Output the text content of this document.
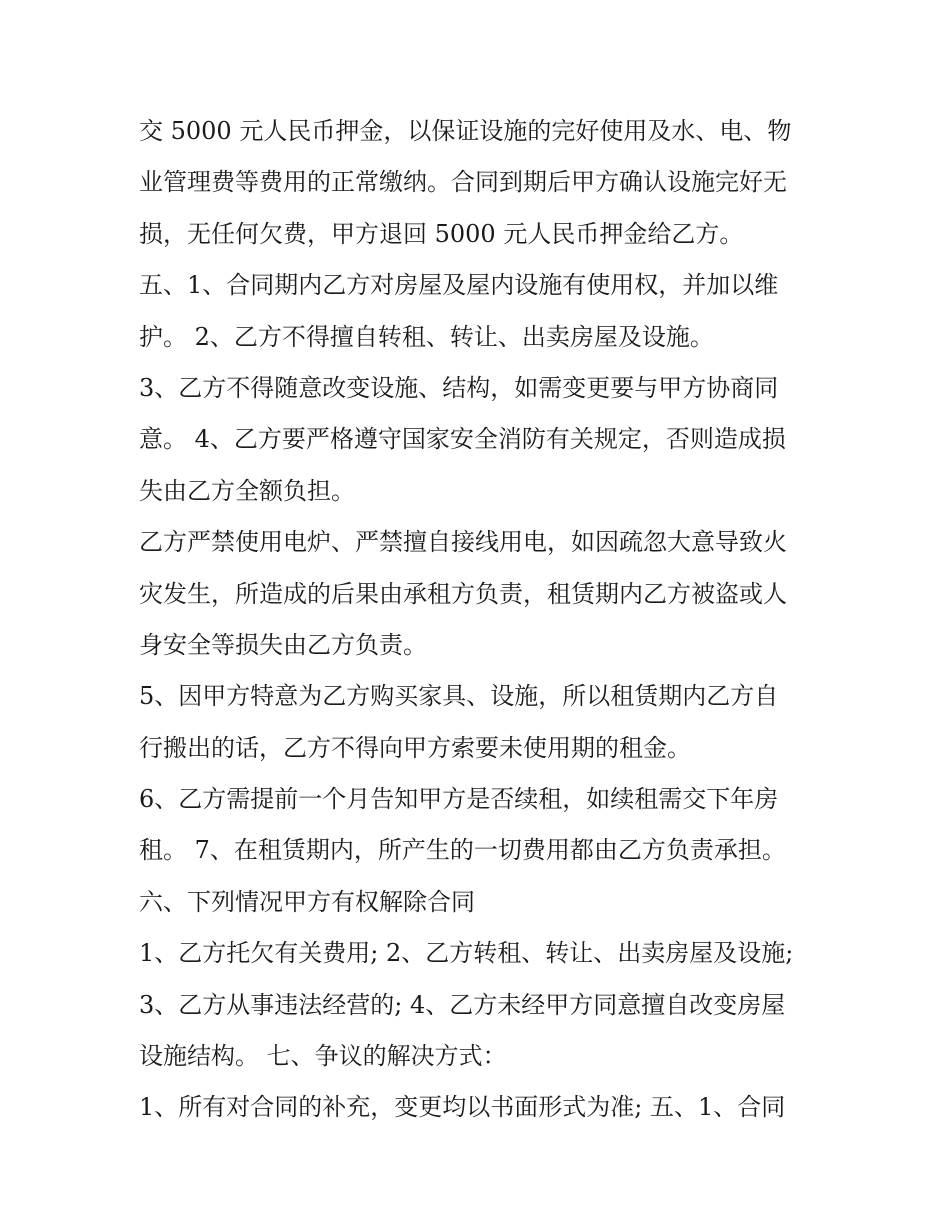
交 5000 元人民币押金，以保证设施的完好使用及水、电、物
业管理费等费用的正常缴纳。合同到期后甲方确认设施完好无
损，无任何欠费，甲方退回 5000 元人民币押金给乙方。
五、1、合同期内乙方对房屋及屋内设施有使用权，并加以维
护。 2、乙方不得擅自转租、转让、出卖房屋及设施。
3、乙方不得随意改变设施、结构，如需变更要与甲方协商同
意。 4、乙方要严格遵守国家安全消防有关规定，否则造成损
失由乙方全额负担。
乙方严禁使用电炉、严禁擅自接线用电，如因疏忽大意导致火
灾发生，所造成的后果由承租方负责，租赁期内乙方被盗或人
身安全等损失由乙方负责。
5、因甲方特意为乙方购买家具、设施，所以租赁期内乙方自
行搬出的话，乙方不得向甲方索要未使用期的租金。
6、乙方需提前一个月告知甲方是否续租，如续租需交下年房
租。 7、在租赁期内，所产生的一切费用都由乙方负责承担。
六、下列情况甲方有权解除合同
1、乙方托欠有关费用; 2、乙方转租、转让、出卖房屋及设施;
3、乙方从事违法经营的; 4、乙方未经甲方同意擅自改变房屋
设施结构。 七、争议的解决方式：
1、所有对合同的补充，变更均以书面形式为准; 五、1、合同
